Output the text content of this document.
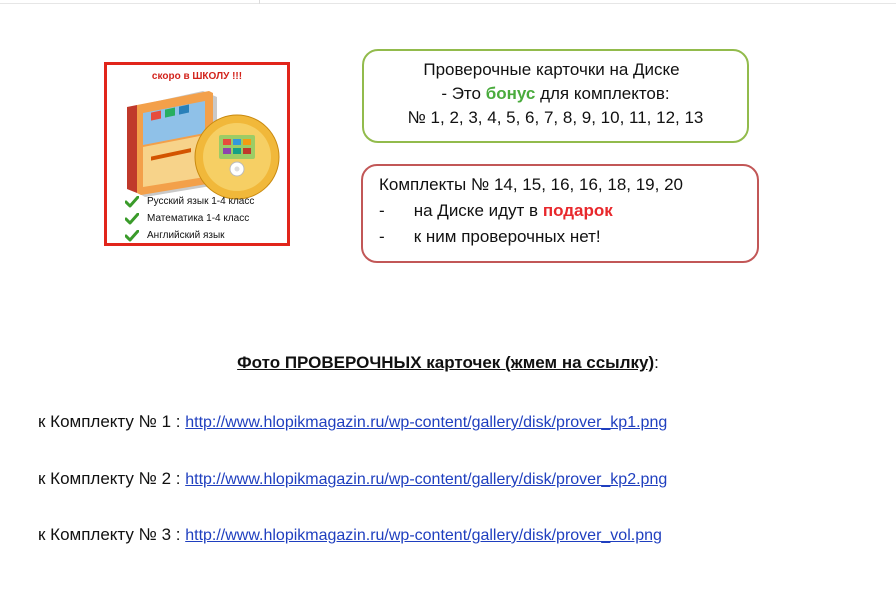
скоро в ШКОЛУ !!!
Русский язык 1-4 класс
Математика 1-4 класс
Английский язык
Проверочные карточки на Диске
- Это бонус для комплектов:
№ 1, 2, 3, 4, 5, 6, 7, 8, 9, 10, 11, 12, 13
Комплекты № 14, 15, 16, 16, 18, 19, 20
- на Диске идут в подарок
- к ним проверочных нет!
Фото ПРОВЕРОЧНЫХ карточек (жмем на ссылку):
к Комплекту № 1 : http://www.hlopikmagazin.ru/wp-content/gallery/disk/prover_kp1.png
к Комплекту № 2 : http://www.hlopikmagazin.ru/wp-content/gallery/disk/prover_kp2.png
к Комплекту № 3 : http://www.hlopikmagazin.ru/wp-content/gallery/disk/prover_vol.png
